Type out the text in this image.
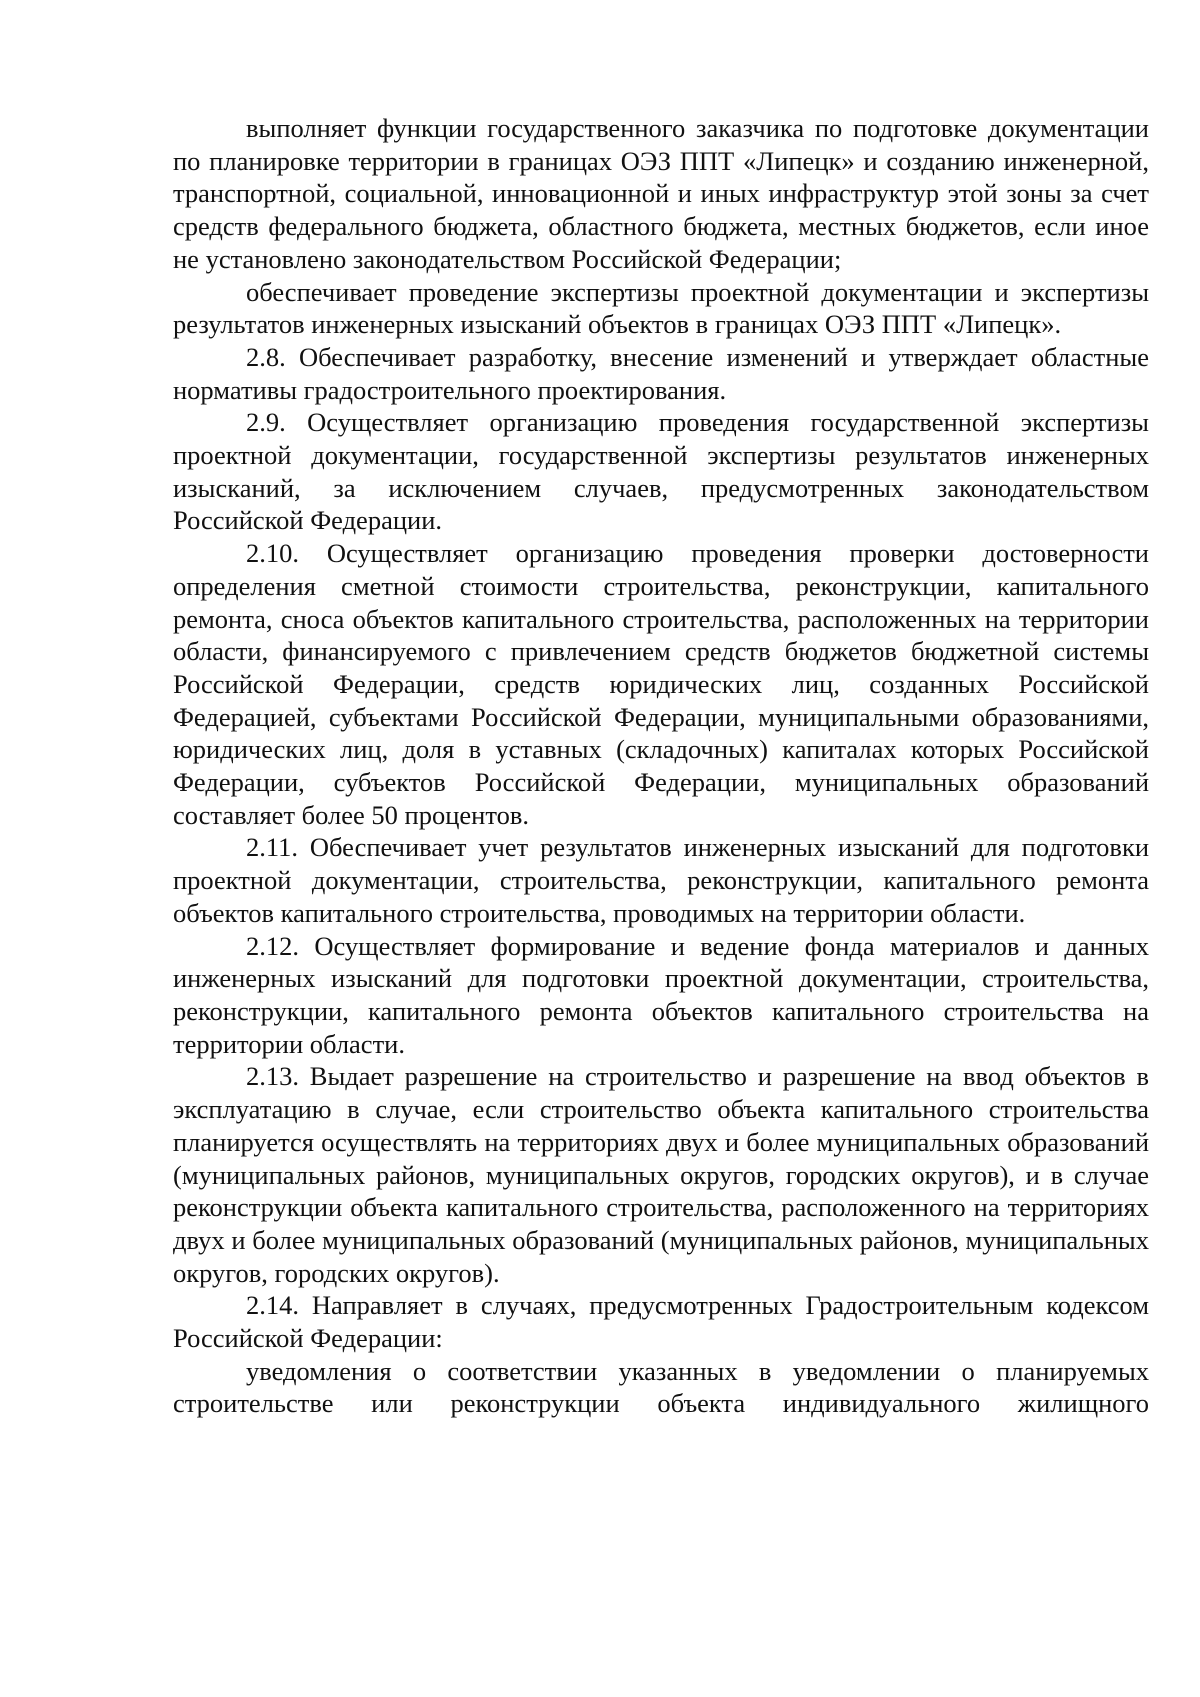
выполняет функции государственного заказчика по подготовке документации по планировке территории в границах ОЭЗ ППТ «Липецк» и созданию инженерной, транспортной, социальной, инновационной и иных инфраструктур этой зоны за счет средств федерального бюджета, областного бюджета, местных бюджетов, если иное не установлено законодательством Российской Федерации;

обеспечивает проведение экспертизы проектной документации и экспертизы результатов инженерных изысканий объектов в границах ОЭЗ ППТ «Липецк».

2.8. Обеспечивает разработку, внесение изменений и утверждает областные нормативы градостроительного проектирования.

2.9. Осуществляет организацию проведения государственной экспертизы проектной документации, государственной экспертизы результатов инженерных изысканий, за исключением случаев, предусмотренных законодательством Российской Федерации.

2.10. Осуществляет организацию проведения проверки достоверности определения сметной стоимости строительства, реконструкции, капитального ремонта, сноса объектов капитального строительства, расположенных на территории области, финансируемого с привлечением средств бюджетов бюджетной системы Российской Федерации, средств юридических лиц, созданных Российской Федерацией, субъектами Российской Федерации, муниципальными образованиями, юридических лиц, доля в уставных (складочных) капиталах которых Российской Федерации, субъектов Российской Федерации, муниципальных образований составляет более 50 процентов.

2.11. Обеспечивает учет результатов инженерных изысканий для подготовки проектной документации, строительства, реконструкции, капитального ремонта объектов капитального строительства, проводимых на территории области.

2.12. Осуществляет формирование и ведение фонда материалов и данных инженерных изысканий для подготовки проектной документации, строительства, реконструкции, капитального ремонта объектов капитального строительства на территории области.

2.13. Выдает разрешение на строительство и разрешение на ввод объектов в эксплуатацию в случае, если строительство объекта капитального строительства планируется осуществлять на территориях двух и более муниципальных образований (муниципальных районов, муниципальных округов, городских округов), и в случае реконструкции объекта капитального строительства, расположенного на территориях двух и более муниципальных образований (муниципальных районов, муниципальных округов, городских округов).

2.14. Направляет в случаях, предусмотренных Градостроительным кодексом Российской Федерации:

уведомления о соответствии указанных в уведомлении о планируемых строительстве или реконструкции объекта индивидуального жилищного
